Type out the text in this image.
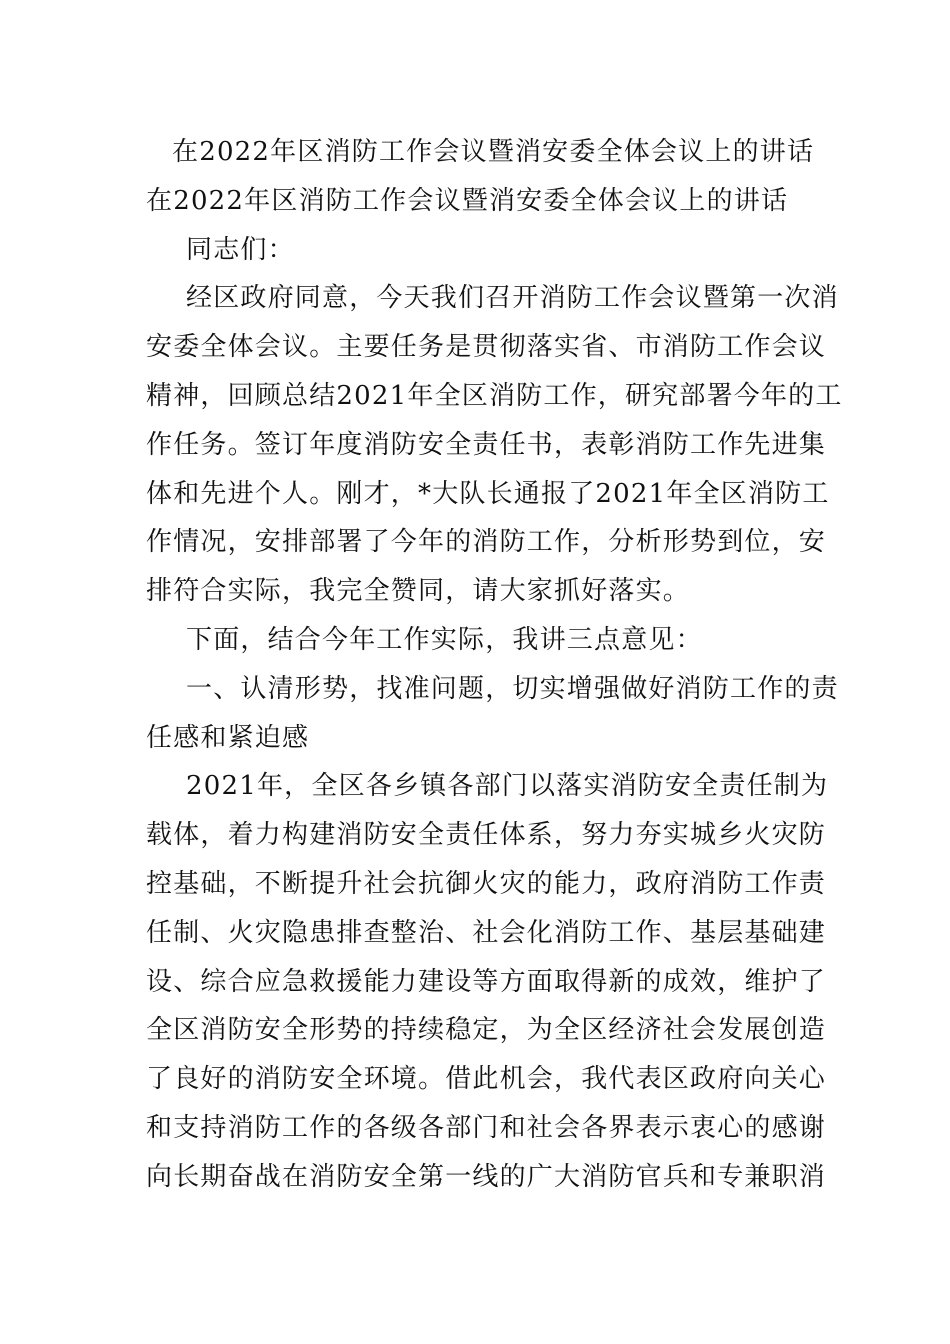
在2022年区消防工作会议暨消安委全体会议上的讲话
在2022年区消防工作会议暨消安委全体会议上的讲话
同志们：
经区政府同意，今天我们召开消防工作会议暨第一次消
安委全体会议。主要任务是贯彻落实省、市消防工作会议
精神，回顾总结2021年全区消防工作，研究部署今年的工
作任务。签订年度消防安全责任书，表彰消防工作先进集
体和先进个人。刚才，*大队长通报了2021年全区消防工
作情况，安排部署了今年的消防工作，分析形势到位，安
排符合实际，我完全赞同，请大家抓好落实。
下面，结合今年工作实际，我讲三点意见：
一、认清形势，找准问题，切实增强做好消防工作的责
任感和紧迫感
2021年，全区各乡镇各部门以落实消防安全责任制为
载体，着力构建消防安全责任体系，努力夯实城乡火灾防
控基础，不断提升社会抗御火灾的能力，政府消防工作责
任制、火灾隐患排查整治、社会化消防工作、基层基础建
设、综合应急救援能力建设等方面取得新的成效，维护了
全区消防安全形势的持续稳定，为全区经济社会发展创造
了良好的消防安全环境。借此机会，我代表区政府向关心
和支持消防工作的各级各部门和社会各界表示衷心的感谢
向长期奋战在消防安全第一线的广大消防官兵和专兼职消
